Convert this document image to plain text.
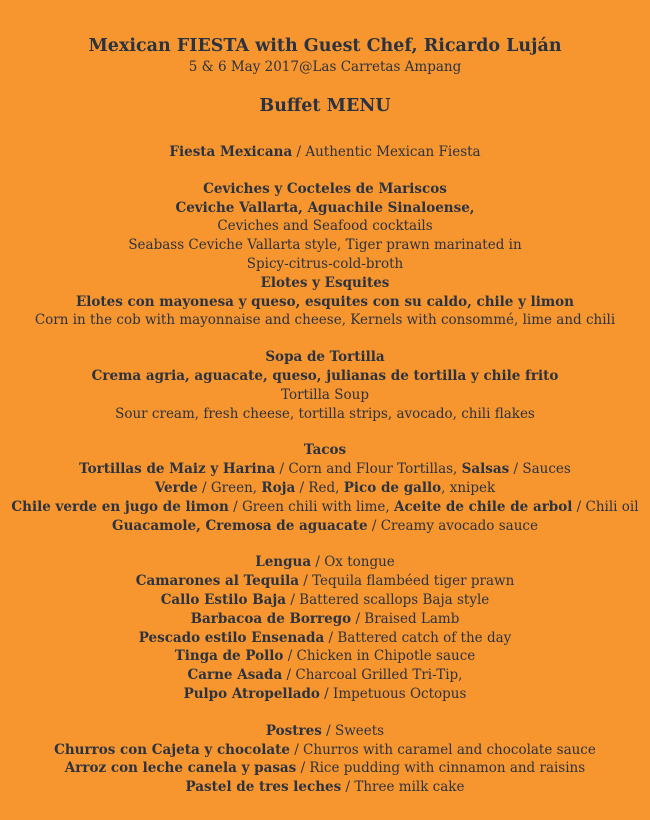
Mexican FIESTA with Guest Chef, Ricardo Luján

5 & 6 May 2017@Las Carretas Ampang

Buffet MENU

Fiesta Mexicana / Authentic Mexican Fiesta

Ceviches y Cocteles de Mariscos

Ceviche Vallarta, Aguachile Sinaloense,

Ceviches and Seafood cocktails

Seabass Ceviche Vallarta style, Tiger prawn marinated in

Spicy-citrus-cold-broth

Elotes y Esquites

Elotes con mayonesa y queso, esquites con su caldo, chile y limon

Corn in the cob with mayonnaise and cheese, Kernels with consommé, lime and chili

Sopa de Tortilla

Crema agria, aguacate, queso, julianas de tortilla y chile frito

Tortilla Soup

Sour cream, fresh cheese, tortilla strips, avocado, chili flakes

Tacos

Tortillas de Maiz y Harina / Corn and Flour Tortillas, Salsas / Sauces

Verde / Green, Roja / Red, Pico de gallo, xnipek

Chile verde en jugo de limon / Green chili with lime, Aceite de chile de arbol / Chili oil

Guacamole, Cremosa de aguacate / Creamy avocado sauce

Lengua / Ox tongue

Camarones al Tequila / Tequila flambéed tiger prawn

Callo Estilo Baja / Battered scallops Baja style

Barbacoa de Borrego / Braised Lamb

Pescado estilo Ensenada / Battered catch of the day

Tinga de Pollo / Chicken in Chipotle sauce

Carne Asada / Charcoal Grilled Tri-Tip,

Pulpo Atropellado / Impetuous Octopus

Postres / Sweets

Churros con Cajeta y chocolate / Churros with caramel and chocolate sauce

Arroz con leche canela y pasas / Rice pudding with cinnamon and raisins

Pastel de tres leches / Three milk cake
